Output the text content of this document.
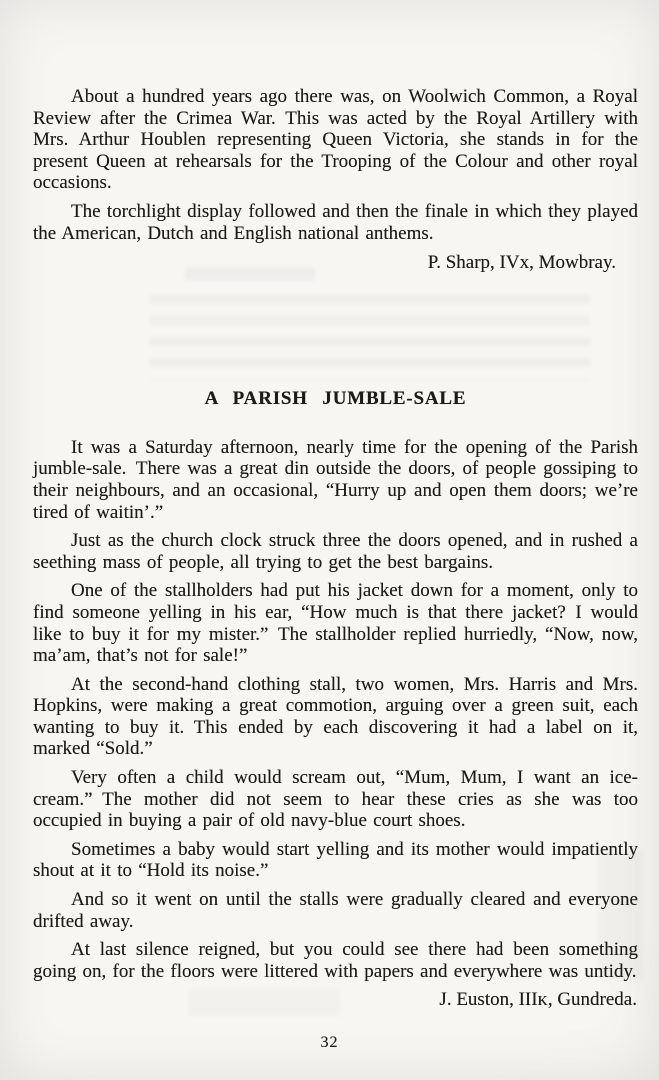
About a hundred years ago there was, on Woolwich Common, a Royal Review after the Crimea War. This was acted by the Royal Artillery with Mrs. Arthur Houblen representing Queen Victoria, she stands in for the present Queen at rehearsals for the Trooping of the Colour and other royal occasions.

The torchlight display followed and then the finale in which they played the American, Dutch and English national anthems.

P. Sharp, IVx, Mowbray.

A PARISH JUMBLE-SALE

It was a Saturday afternoon, nearly time for the opening of the Parish jumble-sale. There was a great din outside the doors, of people gossiping to their neighbours, and an occasional, “Hurry up and open them doors; we’re tired of waitin’.”

Just as the church clock struck three the doors opened, and in rushed a seething mass of people, all trying to get the best bargains.

One of the stallholders had put his jacket down for a moment, only to find someone yelling in his ear, “How much is that there jacket? I would like to buy it for my mister.” The stallholder replied hurriedly, “Now, now, ma’am, that’s not for sale!”

At the second-hand clothing stall, two women, Mrs. Harris and Mrs. Hopkins, were making a great commotion, arguing over a green suit, each wanting to buy it. This ended by each discovering it had a label on it, marked “Sold.”

Very often a child would scream out, “Mum, Mum, I want an ice-cream.” The mother did not seem to hear these cries as she was too occupied in buying a pair of old navy-blue court shoes.

Sometimes a baby would start yelling and its mother would impatiently shout at it to “Hold its noise.”

And so it went on until the stalls were gradually cleared and everyone drifted away.

At last silence reigned, but you could see there had been something going on, for the floors were littered with papers and everywhere was untidy.

J. Euston, IIIᴋ, Gundreda.

32
